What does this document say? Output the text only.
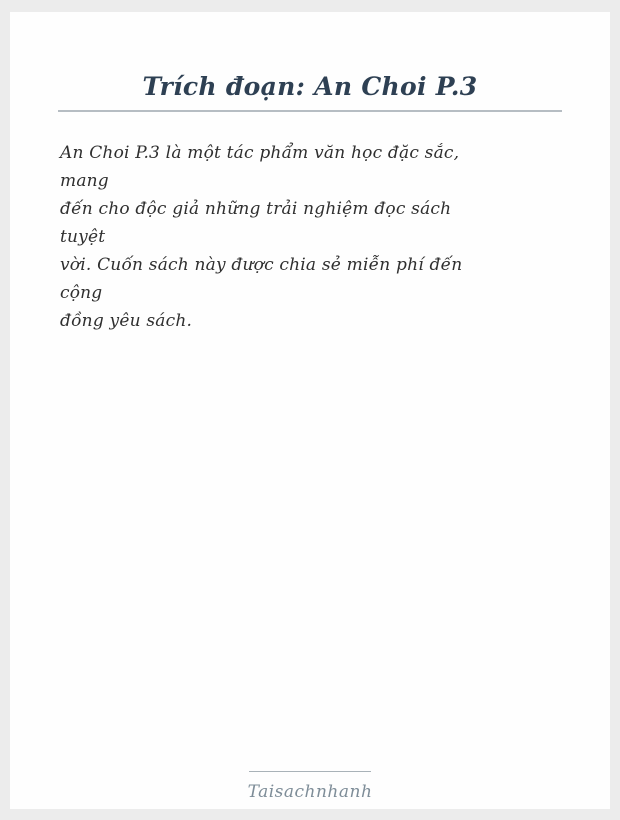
Trích đoạn: An Choi P.3

An Choi P.3 là một tác phẩm văn học đặc sắc,

mang

đến cho độc giả những trải nghiệm đọc sách

tuyệt

vời. Cuốn sách này được chia sẻ miễn phí đến

cộng

đồng yêu sách.

Taisachnhanh
